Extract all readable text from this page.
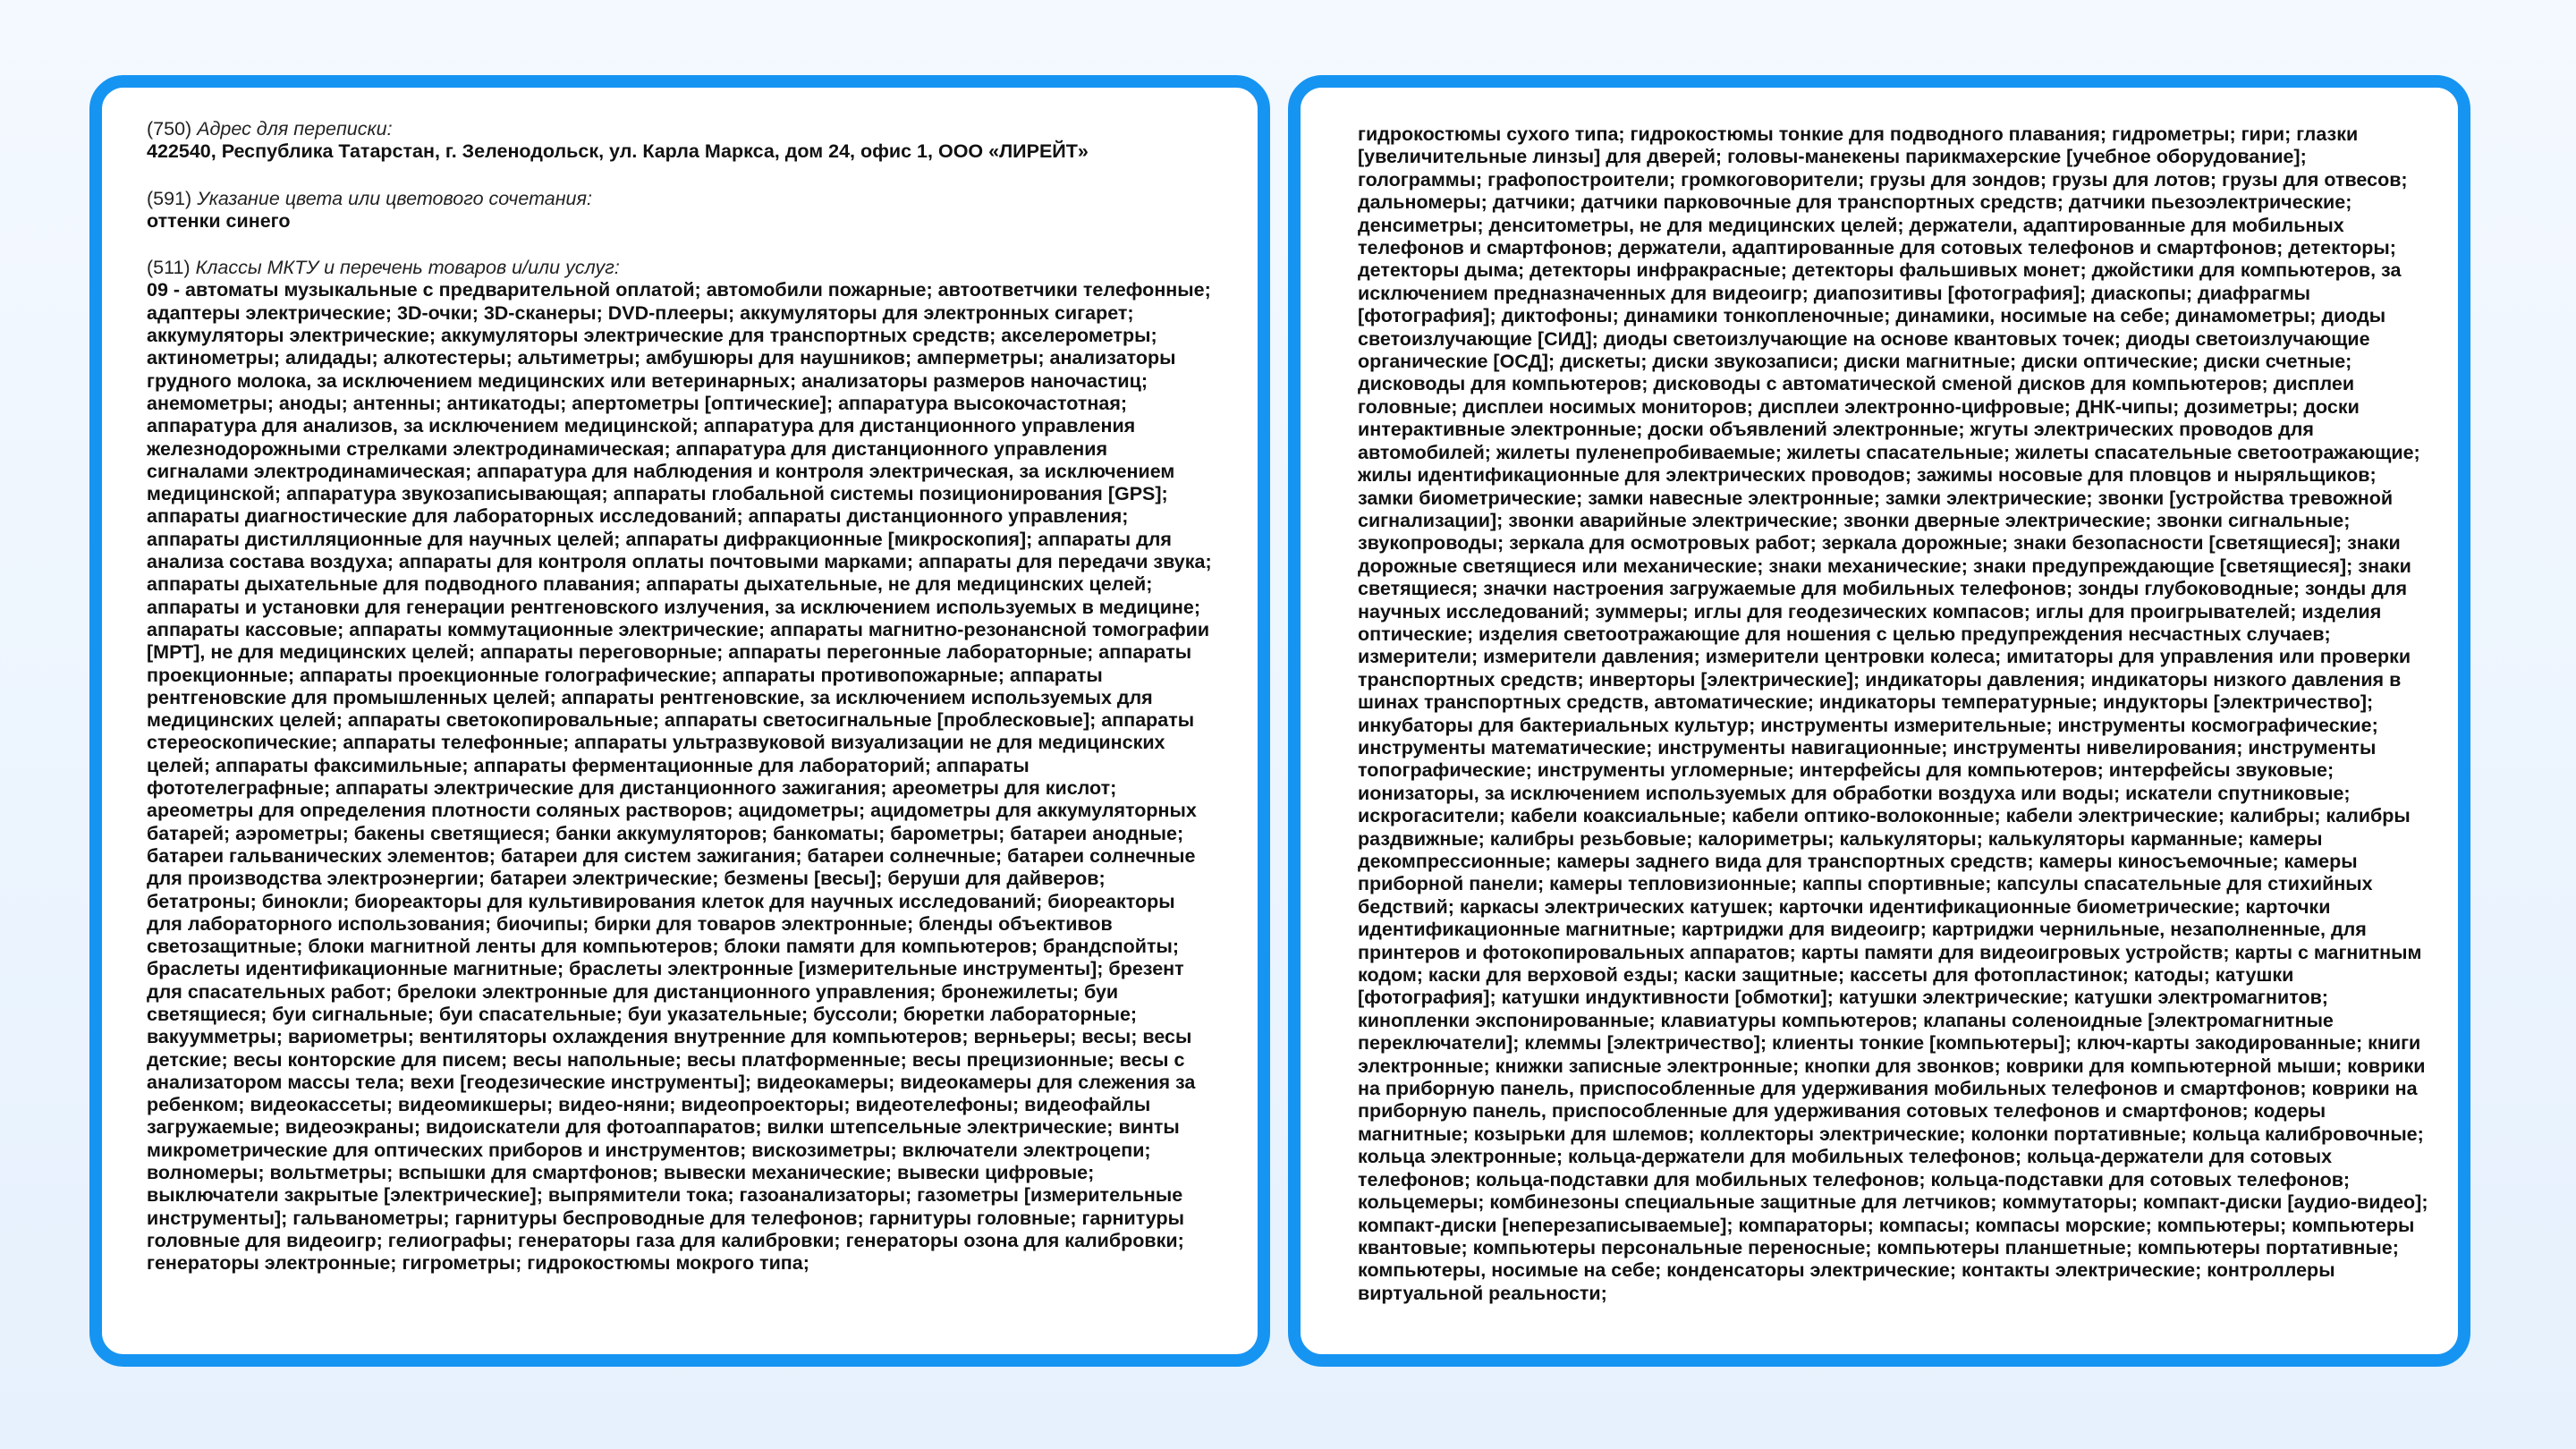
(750) Адрес для переписки:

422540, Республика Татарстан, г. Зеленодольск, ул. Карла Маркса, дом 24, офис 1, ООО «ЛИРЕЙТ»

(591) Указание цвета или цветового сочетания:

оттенки синего

(511) Классы МКТУ и перечень товаров и/или услуг:

09 - автоматы музыкальные с предварительной оплатой; автомобили пожарные; автоответчики телефонные; адаптеры электрические; 3D-очки; 3D-сканеры; DVD-плееры; аккумуляторы для электронных сигарет; аккумуляторы электрические; аккумуляторы электрические для транспортных средств; акселерометры; актинометры; алидады; алкотестеры; альтиметры; амбушюры для наушников; амперметры; анализаторы грудного молока, за исключением медицинских или ветеринарных; анализаторы размеров наночастиц; анемометры; аноды; антенны; антикатоды; апертометры [оптические]; аппаратура высокочастотная; аппаратура для анализов, за исключением медицинской; аппаратура для дистанционного управления железнодорожными стрелками электродинамическая; аппаратура для дистанционного управления сигналами электродинамическая; аппаратура для наблюдения и контроля электрическая, за исключением медицинской; аппаратура звукозаписывающая; аппараты глобальной системы позиционирования [GPS]; аппараты диагностические для лабораторных исследований; аппараты дистанционного управления; аппараты дистилляционные для научных целей; аппараты дифракционные [микроскопия]; аппараты для анализа состава воздуха; аппараты для контроля оплаты почтовыми марками; аппараты для передачи звука; аппараты дыхательные для подводного плавания; аппараты дыхательные, не для медицинских целей; аппараты и установки для генерации рентгеновского излучения, за исключением используемых в медицине; аппараты кассовые; аппараты коммутационные электрические; аппараты магнитно-резонансной томографии [МРТ], не для медицинских целей; аппараты переговорные; аппараты перегонные лабораторные; аппараты проекционные; аппараты проекционные голографические; аппараты противопожарные; аппараты рентгеновские для промышленных целей; аппараты рентгеновские, за исключением используемых для медицинских целей; аппараты светокопировальные; аппараты светосигнальные [проблесковые]; аппараты стереоскопические; аппараты телефонные; аппараты ультразвуковой визуализации не для медицинских целей; аппараты факсимильные; аппараты ферментационные для лабораторий; аппараты фототелеграфные; аппараты электрические для дистанционного зажигания; ареометры для кислот; ареометры для определения плотности соляных растворов; ацидометры; ацидометры для аккумуляторных батарей; аэрометры; бакены светящиеся; банки аккумуляторов; банкоматы; барометры; батареи анодные; батареи гальванических элементов; батареи для систем зажигания; батареи солнечные; батареи солнечные для производства электроэнергии; батареи электрические; безмены [весы]; беруши для дайверов; бетатроны; бинокли; биореакторы для культивирования клеток для научных исследований; биореакторы для лабораторного использования; биочипы; бирки для товаров электронные; бленды объективов светозащитные; блоки магнитной ленты для компьютеров; блоки памяти для компьютеров; брандспойты; браслеты идентификационные магнитные; браслеты электронные [измерительные инструменты]; брезент для спасательных работ; брелоки электронные для дистанционного управления; бронежилеты; буи светящиеся; буи сигнальные; буи спасательные; буи указательные; буссоли; бюретки лабораторные; вакуумметры; вариометры; вентиляторы охлаждения внутренние для компьютеров; верньеры; весы; весы детские; весы конторские для писем; весы напольные; весы платформенные; весы прецизионные; весы с анализатором массы тела; вехи [геодезические инструменты]; видеокамеры; видеокамеры для слежения за ребенком; видеокассеты; видеомикшеры; видео-няни; видеопроекторы; видеотелефоны; видеофайлы загружаемые; видеоэкраны; видоискатели для фотоаппаратов; вилки штепсельные электрические; винты микрометрические для оптических приборов и инструментов; вискозиметры; включатели электроцепи; волномеры; вольтметры; вспышки для смартфонов; вывески механические; вывески цифровые; выключатели закрытые [электрические]; выпрямители тока; газоанализаторы; газометры [измерительные инструменты]; гальванометры; гарнитуры беспроводные для телефонов; гарнитуры головные; гарнитуры головные для видеоигр; гелиографы; генераторы газа для калибровки; генераторы озона для калибровки; генераторы электронные; гигрометры; гидрокостюмы мокрого типа;

гидрокостюмы сухого типа; гидрокостюмы тонкие для подводного плавания; гидрометры; гири; глазки [увеличительные линзы] для дверей; головы-манекены парикмахерские [учебное оборудование]; голограммы; графопостроители; громкоговорители; грузы для зондов; грузы для лотов; грузы для отвесов; дальномеры; датчики; датчики парковочные для транспортных средств; датчики пьезоэлектрические; денсиметры; денситометры, не для медицинских целей; держатели, адаптированные для мобильных телефонов и смартфонов; держатели, адаптированные для сотовых телефонов и смартфонов; детекторы; детекторы дыма; детекторы инфракрасные; детекторы фальшивых монет; джойстики для компьютеров, за исключением предназначенных для видеоигр; диапозитивы [фотография]; диаскопы; диафрагмы [фотография]; диктофоны; динамики тонкопленочные; динамики, носимые на себе; динамометры; диоды светоизлучающие [СИД]; диоды светоизлучающие на основе квантовых точек; диоды светоизлучающие органические [ОСД]; дискеты; диски звукозаписи; диски магнитные; диски оптические; диски счетные; дисководы для компьютеров; дисководы с автоматической сменой дисков для компьютеров; дисплеи головные; дисплеи носимых мониторов; дисплеи электронно-цифровые; ДНК-чипы; дозиметры; доски интерактивные электронные; доски объявлений электронные; жгуты электрических проводов для автомобилей; жилеты пуленепробиваемые; жилеты спасательные; жилеты спасательные светоотражающие; жилы идентификационные для электрических проводов; зажимы носовые для пловцов и ныряльщиков; замки биометрические; замки навесные электронные; замки электрические; звонки [устройства тревожной сигнализации]; звонки аварийные электрические; звонки дверные электрические; звонки сигнальные; звукопроводы; зеркала для осмотровых работ; зеркала дорожные; знаки безопасности [светящиеся]; знаки дорожные светящиеся или механические; знаки механические; знаки предупреждающие [светящиеся]; знаки светящиеся; значки настроения загружаемые для мобильных телефонов; зонды глубоководные; зонды для научных исследований; зуммеры; иглы для геодезических компасов; иглы для проигрывателей; изделия оптические; изделия светоотражающие для ношения с целью предупреждения несчастных случаев; измерители; измерители давления; измерители центровки колеса; имитаторы для управления или проверки транспортных средств; инверторы [электрические]; индикаторы давления; индикаторы низкого давления в шинах транспортных средств, автоматические; индикаторы температурные; индукторы [электричество]; инкубаторы для бактериальных культур; инструменты измерительные; инструменты космографические; инструменты математические; инструменты навигационные; инструменты нивелирования; инструменты топографические; инструменты угломерные; интерфейсы для компьютеров; интерфейсы звуковые; ионизаторы, за исключением используемых для обработки воздуха или воды; искатели спутниковые; искрогасители; кабели коаксиальные; кабели оптико-волоконные; кабели электрические; калибры; калибры раздвижные; калибры резьбовые; калориметры; калькуляторы; калькуляторы карманные; камеры декомпрессионные; камеры заднего вида для транспортных средств; камеры киносъемочные; камеры приборной панели; камеры тепловизионные; каппы спортивные; капсулы спасательные для стихийных бедствий; каркасы электрических катушек; карточки идентификационные биометрические; карточки идентификационные магнитные; картриджи для видеоигр; картриджи чернильные, незаполненные, для принтеров и фотокопировальных аппаратов; карты памяти для видеоигровых устройств; карты с магнитным кодом; каски для верховой езды; каски защитные; кассеты для фотопластинок; катоды; катушки [фотография]; катушки индуктивности [обмотки]; катушки электрические; катушки электромагнитов; кинопленки экспонированные; клавиатуры компьютеров; клапаны соленоидные [электромагнитные переключатели]; клеммы [электричество]; клиенты тонкие [компьютеры]; ключ-карты закодированные; книги электронные; книжки записные электронные; кнопки для звонков; коврики для компьютерной мыши; коврики на приборную панель, приспособленные для удерживания мобильных телефонов и смартфонов; коврики на приборную панель, приспособленные для удерживания сотовых телефонов и смартфонов; кодеры магнитные; козырьки для шлемов; коллекторы электрические; колонки портативные; кольца калибровочные; кольца электронные; кольца-держатели для мобильных телефонов; кольца-держатели для сотовых телефонов; кольца-подставки для мобильных телефонов; кольца-подставки для сотовых телефонов; кольцемеры; комбинезоны специальные защитные для летчиков; коммутаторы; компакт-диски [аудио-видео]; компакт-диски [неперезаписываемые]; компараторы; компасы; компасы морские; компьютеры; компьютеры квантовые; компьютеры персональные переносные; компьютеры планшетные; компьютеры портативные; компьютеры, носимые на себе; конденсаторы электрические; контакты электрические; контроллеры виртуальной реальности;
